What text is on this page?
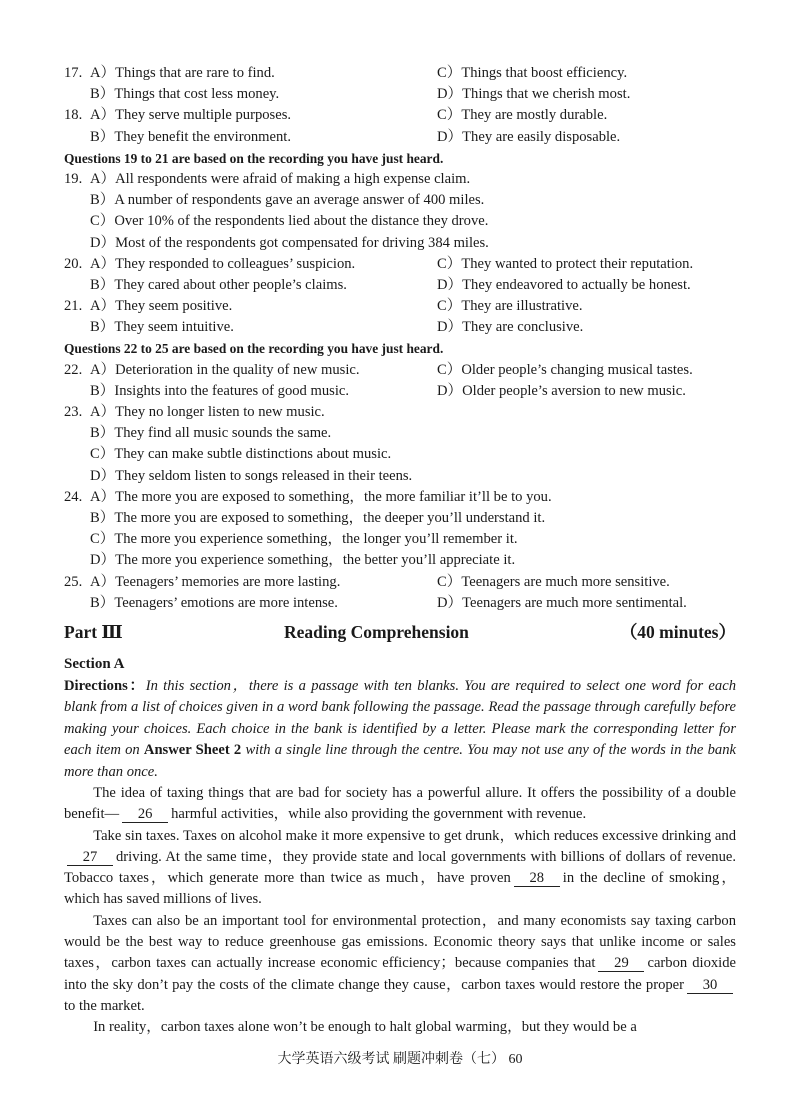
17. A）Things that are rare to find.	C）Things that boost efficiency.
B）Things that cost less money.	D）Things that we cherish most.
18. A）They serve multiple purposes.	C）They are mostly durable.
B）They benefit the environment.	D）They are easily disposable.
Questions 19 to 21 are based on the recording you have just heard.
19. A）All respondents were afraid of making a high expense claim.
B）A number of respondents gave an average answer of 400 miles.
C）Over 10% of the respondents lied about the distance they drove.
D）Most of the respondents got compensated for driving 384 miles.
20. A）They responded to colleagues’ suspicion.	C）They wanted to protect their reputation.
B）They cared about other people’s claims.	D）They endeavored to actually be honest.
21. A）They seem positive.	C）They are illustrative.
B）They seem intuitive.	D）They are conclusive.
Questions 22 to 25 are based on the recording you have just heard.
22. A）Deterioration in the quality of new music.	C）Older people’s changing musical tastes.
B）Insights into the features of good music.	D）Older people’s aversion to new music.
23. A）They no longer listen to new music.
B）They find all music sounds the same.
C）They can make subtle distinctions about music.
D）They seldom listen to songs released in their teens.
24. A）The more you are exposed to something，the more familiar it’ll be to you.
B）The more you are exposed to something，the deeper you’ll understand it.
C）The more you experience something，the longer you’ll remember it.
D）The more you experience something，the better you’ll appreciate it.
25. A）Teenagers’ memories are more lasting.	C）Teenagers are much more sensitive.
B）Teenagers’ emotions are more intense.	D）Teenagers are much more sentimental.
Part Ⅲ	Reading Comprehension	（40 minutes）
Section A
Directions：In this section，there is a passage with ten blanks. You are required to select one word for each blank from a list of choices given in a word bank following the passage. Read the passage through carefully before making your choices. Each choice in the bank is identified by a letter. Please mark the corresponding letter for each item on Answer Sheet 2 with a single line through the centre. You may not use any of the words in the bank more than once.

The idea of taxing things that are bad for society has a powerful allure. It offers the possibility of a double benefit— 26 harmful activities，while also providing the government with revenue.

Take sin taxes. Taxes on alcohol make it more expensive to get drunk，which reduces excessive drinking and27 driving. At the same time，they provide state and local governments with billions of dollars of revenue. Tobacco taxes，which generate more than twice as much，have proven 28 in the decline of smoking，which has saved millions of lives.

Taxes can also be an important tool for environmental protection，and many economists say taxing carbon would be the best way to reduce greenhouse gas emissions. Economic theory says that unlike income or sales taxes，carbon taxes can actually increase economic efficiency；because companies that 29 carbon dioxide into the sky don’t pay the costs of the climate change they cause，carbon taxes would restore the proper 30to the market.

In reality，carbon taxes alone won’t be enough to halt global warming，but they would be a

大学英语六级考试 刷题冲刺卷（七） 60
